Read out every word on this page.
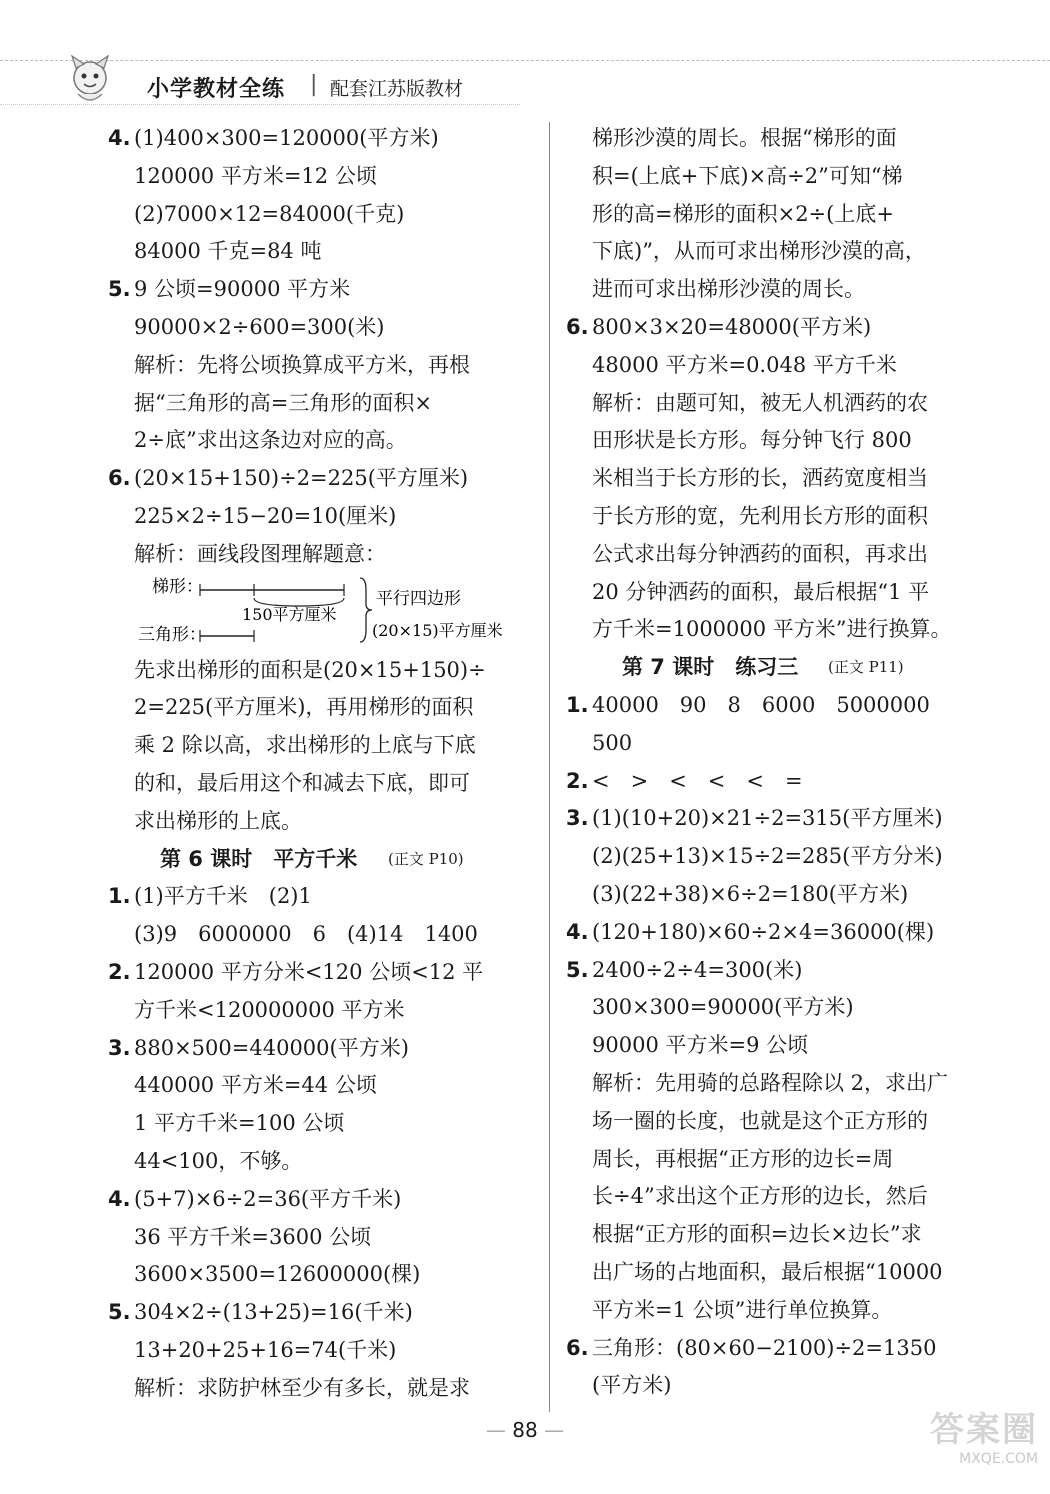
小学教材全练 | 配套江苏版教材
4. (1)400×300=120000(平方米)
120000 平方米=12 公顷
(2)7000×12=84000(千克)
84000 千克=84 吨
5. 9 公顷=90000 平方米
90000×2÷600=300(米)
解析：先将公顷换算成平方米，再根
据“三角形的高=三角形的面积×
2÷底”求出这条边对应的高。
6. (20×15+150)÷2=225(平方厘米)
225×2÷15−20=10(厘米)
解析：画线段图理解题意：
先求出梯形的面积是(20×15+150)÷
2=225(平方厘米)，再用梯形的面积
乘 2 除以高，求出梯形的上底与下底
的和，最后用这个和减去下底，即可
求出梯形的上底。
第 6 课时　平方千米 (正文 P10)
1. (1)平方千米　(2)1
(3)9　6000000　6　(4)14　1400
2. 120000 平方分米<120 公顷<12 平
方千米<120000000 平方米
3. 880×500=440000(平方米)
440000 平方米=44 公顷
1 平方千米=100 公顷
44<100，不够。
4. (5+7)×6÷2=36(平方千米)
36 平方千米=3600 公顷
3600×3500=12600000(棵)
5. 304×2÷(13+25)=16(千米)
13+20+25+16=74(千米)
解析：求防护林至少有多长，就是求
梯形：
150平方厘米
三角形：
平行四边形
(20×15)平方厘米
梯形沙漠的周长。根据“梯形的面
积=(上底+下底)×高÷2”可知“梯
形的高=梯形的面积×2÷(上底+
下底)”，从而可求出梯形沙漠的高，
进而可求出梯形沙漠的周长。
6. 800×3×20=48000(平方米)
48000 平方米=0.048 平方千米
解析：由题可知，被无人机洒药的农
田形状是长方形。每分钟飞行 800
米相当于长方形的长，洒药宽度相当
于长方形的宽，先利用长方形的面积
公式求出每分钟洒药的面积，再求出
20 分钟洒药的面积，最后根据“1 平
方千米=1000000 平方米”进行换算。
第 7 课时　练习三 (正文 P11)
1. 40000　90　8　6000　5000000
500
2. <　>　<　<　<　=
3. (1)(10+20)×21÷2=315(平方厘米)
(2)(25+13)×15÷2=285(平方分米)
(3)(22+38)×6÷2=180(平方米)
4. (120+180)×60÷2×4=36000(棵)
5. 2400÷2÷4=300(米)
300×300=90000(平方米)
90000 平方米=9 公顷
解析：先用骑的总路程除以 2，求出广
场一圈的长度，也就是这个正方形的
周长，再根据“正方形的边长=周
长÷4”求出这个正方形的边长，然后
根据“正方形的面积=边长×边长”求
出广场的占地面积，最后根据“10000
平方米=1 公顷”进行单位换算。
6. 三角形：(80×60−2100)÷2=1350
(平方米)
— 88 —	答案圈
MXQE.COM
